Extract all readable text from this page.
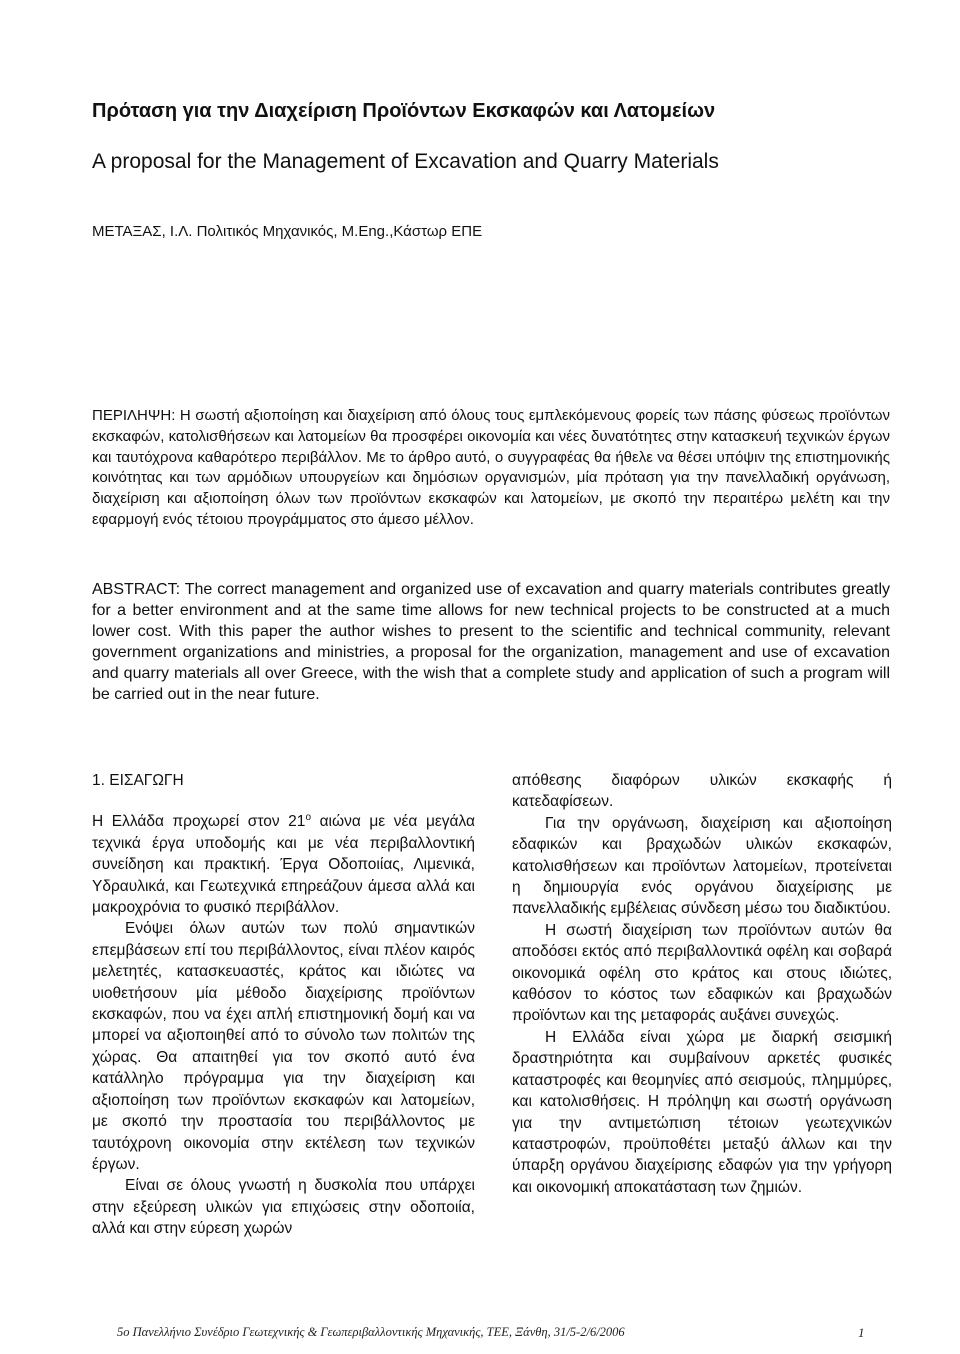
Πρόταση για την Διαχείριση Προϊόντων Εκσκαφών και Λατομείων
A proposal for the Management of Excavation and Quarry Materials
ΜΕΤΑΞΑΣ, Ι.Λ. Πολιτικός Μηχανικός, M.Eng.,Κάστωρ ΕΠΕ

ΠΕΡΙΛΗΨΗ: Η σωστή αξιοποίηση και διαχείριση από όλους τους εμπλεκόμενους φορείς των πάσης φύσεως προϊόντων εκσκαφών, κατολισθήσεων και λατομείων θα προσφέρει οικονομία και νέες δυνατότητες στην κατασκευή τεχνικών έργων και ταυτόχρονα καθαρότερο περιβάλλον. Με το άρθρο αυτό, ο συγγραφέας θα ήθελε να θέσει υπόψιν της επιστημονικής κοινότητας και των αρμόδιων υπουργείων και δημόσιων οργανισμών, μία πρόταση για την πανελλαδική οργάνωση, διαχείριση και αξιοποίηση όλων των προϊόντων εκσκαφών και λατομείων, με σκοπό την περαιτέρω μελέτη και την εφαρμογή ενός τέτοιου προγράμματος στο άμεσο μέλλον.

ABSTRACT: The correct management and organized use of excavation and quarry materials contributes greatly for a better environment and at the same time allows for new technical projects to be constructed at a much lower cost. With this paper the author wishes to present to the scientific and technical community, relevant government organizations and ministries, a proposal for the organization, management and use of excavation and quarry materials all over Greece, with the wish that a complete study and application of such a program will be carried out in the near future.

1. ΕΙΣΑΓΩΓΗ

Η Ελλάδα προχωρεί στον $21^o$ αιώνα με νέα μεγάλα τεχνικά έργα υποδομής και με νέα περιβαλλοντική συνείδηση και πρακτική. Έργα Οδοποιίας, Λιμενικά, Υδραυλικά, και Γεωτεχνικά επηρεάζουν άμεσα αλλά και μακροχρόνια το φυσικό περιβάλλον.

Ενόψει όλων αυτών των πολύ σημαντικών επεμβάσεων επί του περιβάλλοντος, είναι πλέον καιρός μελετητές, κατασκευαστές, κράτος και ιδιώτες να υιοθετήσουν μία μέθοδο διαχείρισης προϊόντων εκσκαφών, που να έχει απλή επιστημονική δομή και να μπορεί να αξιοποιηθεί από το σύνολο των πολιτών της χώρας. Θα απαιτηθεί για τον σκοπό αυτό ένα κατάλληλο πρόγραμμα για την διαχείριση και αξιοποίηση των προϊόντων εκσκαφών και λατομείων, με σκοπό την προστασία του περιβάλλοντος με ταυτόχρονη οικονομία στην εκτέλεση των τεχνικών έργων.

Είναι σε όλους γνωστή η δυσκολία που υπάρχει στην εξεύρεση υλικών για επιχώσεις στην οδοποιία, αλλά και στην εύρεση χωρών

απόθεσης διαφόρων υλικών εκσκαφής ή κατεδαφίσεων.

Για την οργάνωση, διαχείριση και αξιοποίηση εδαφικών και βραχωδών υλικών εκσκαφών, κατολισθήσεων και προϊόντων λατομείων, προτείνεται η δημιουργία ενός οργάνου διαχείρισης με πανελλαδικής εμβέλειας σύνδεση μέσω του διαδικτύου.

Η σωστή διαχείριση των προϊόντων αυτών θα αποδόσει εκτός από περιβαλλοντικά οφέλη και σοβαρά οικονομικά οφέλη στο κράτος και στους ιδιώτες, καθόσον το κόστος των εδαφικών και βραχωδών προϊόντων και της μεταφοράς αυξάνει συνεχώς.

Η Ελλάδα είναι χώρα με διαρκή σεισμική δραστηριότητα και συμβαίνουν αρκετές φυσικές καταστροφές και θεομηνίες από σεισμούς, πλημμύρες, και κατολισθήσεις. Η πρόληψη και σωστή οργάνωση για την αντιμετώπιση τέτοιων γεωτεχνικών καταστροφών, προϋποθέτει μεταξύ άλλων και την ύπαρξη οργάνου διαχείρισης εδαφών για την γρήγορη και οικονομική αποκατάσταση των ζημιών.

5ο Πανελλήνιο Συνέδριο Γεωτεχνικής & Γεωπεριβαλλοντικής Μηχανικής, ΤΕΕ, Ξάνθη, 31/5-2/6/2006	1
